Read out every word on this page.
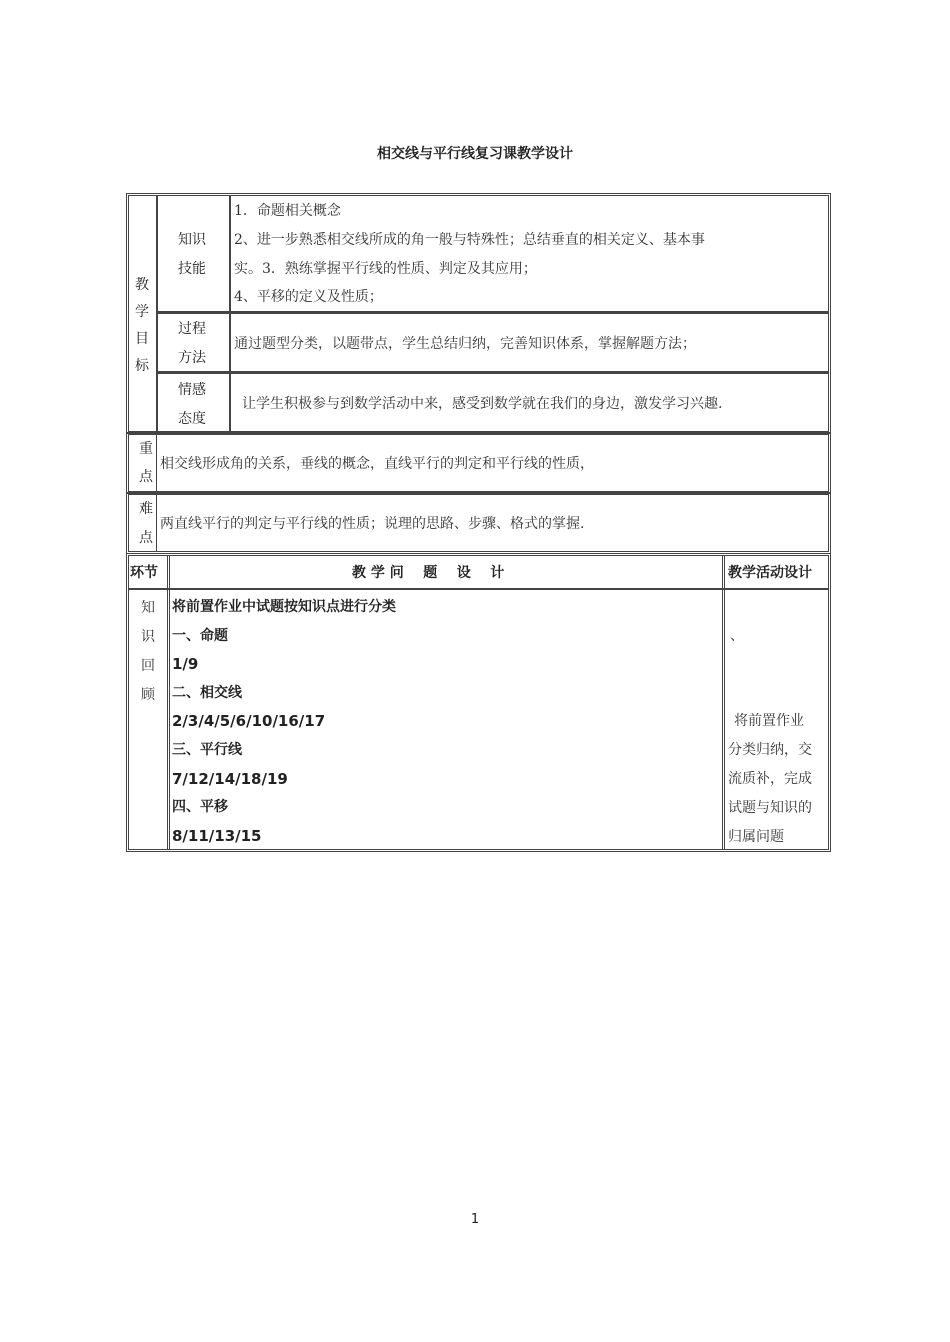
相交线与平行线复习课教学设计
教
学
目
标
知识
技能
1．命题相关概念
2、进一步熟悉相交线所成的角一般与特殊性；总结垂直的相关定义、基本事
实。3．熟练掌握平行线的性质、判定及其应用；
4、平移的定义及性质；
过程
方法
通过题型分类，以题带点，学生总结归纳，完善知识体系，掌握解题方法；
情感
态度
让学生积极参与到数学活动中来，感受到数学就在我们的身边，激发学习兴趣.
重
点
相交线形成角的关系，垂线的概念，直线平行的判定和平行线的性质，
难
点
两直线平行的判定与平行线的性质；说理的思路、步骤、格式的掌握.
环节	教 学 问    题    设    计	教学活动设计
知
识
回
顾
将前置作业中试题按知识点进行分类
一、命题
1/9
二、相交线
2/3/4/5/6/10/16/17
三、平行线
7/12/14/18/19
四、平移
8/11/13/15
、
将前置作业
分类归纳，交
流质补，完成
试题与知识的
归属问题
1
